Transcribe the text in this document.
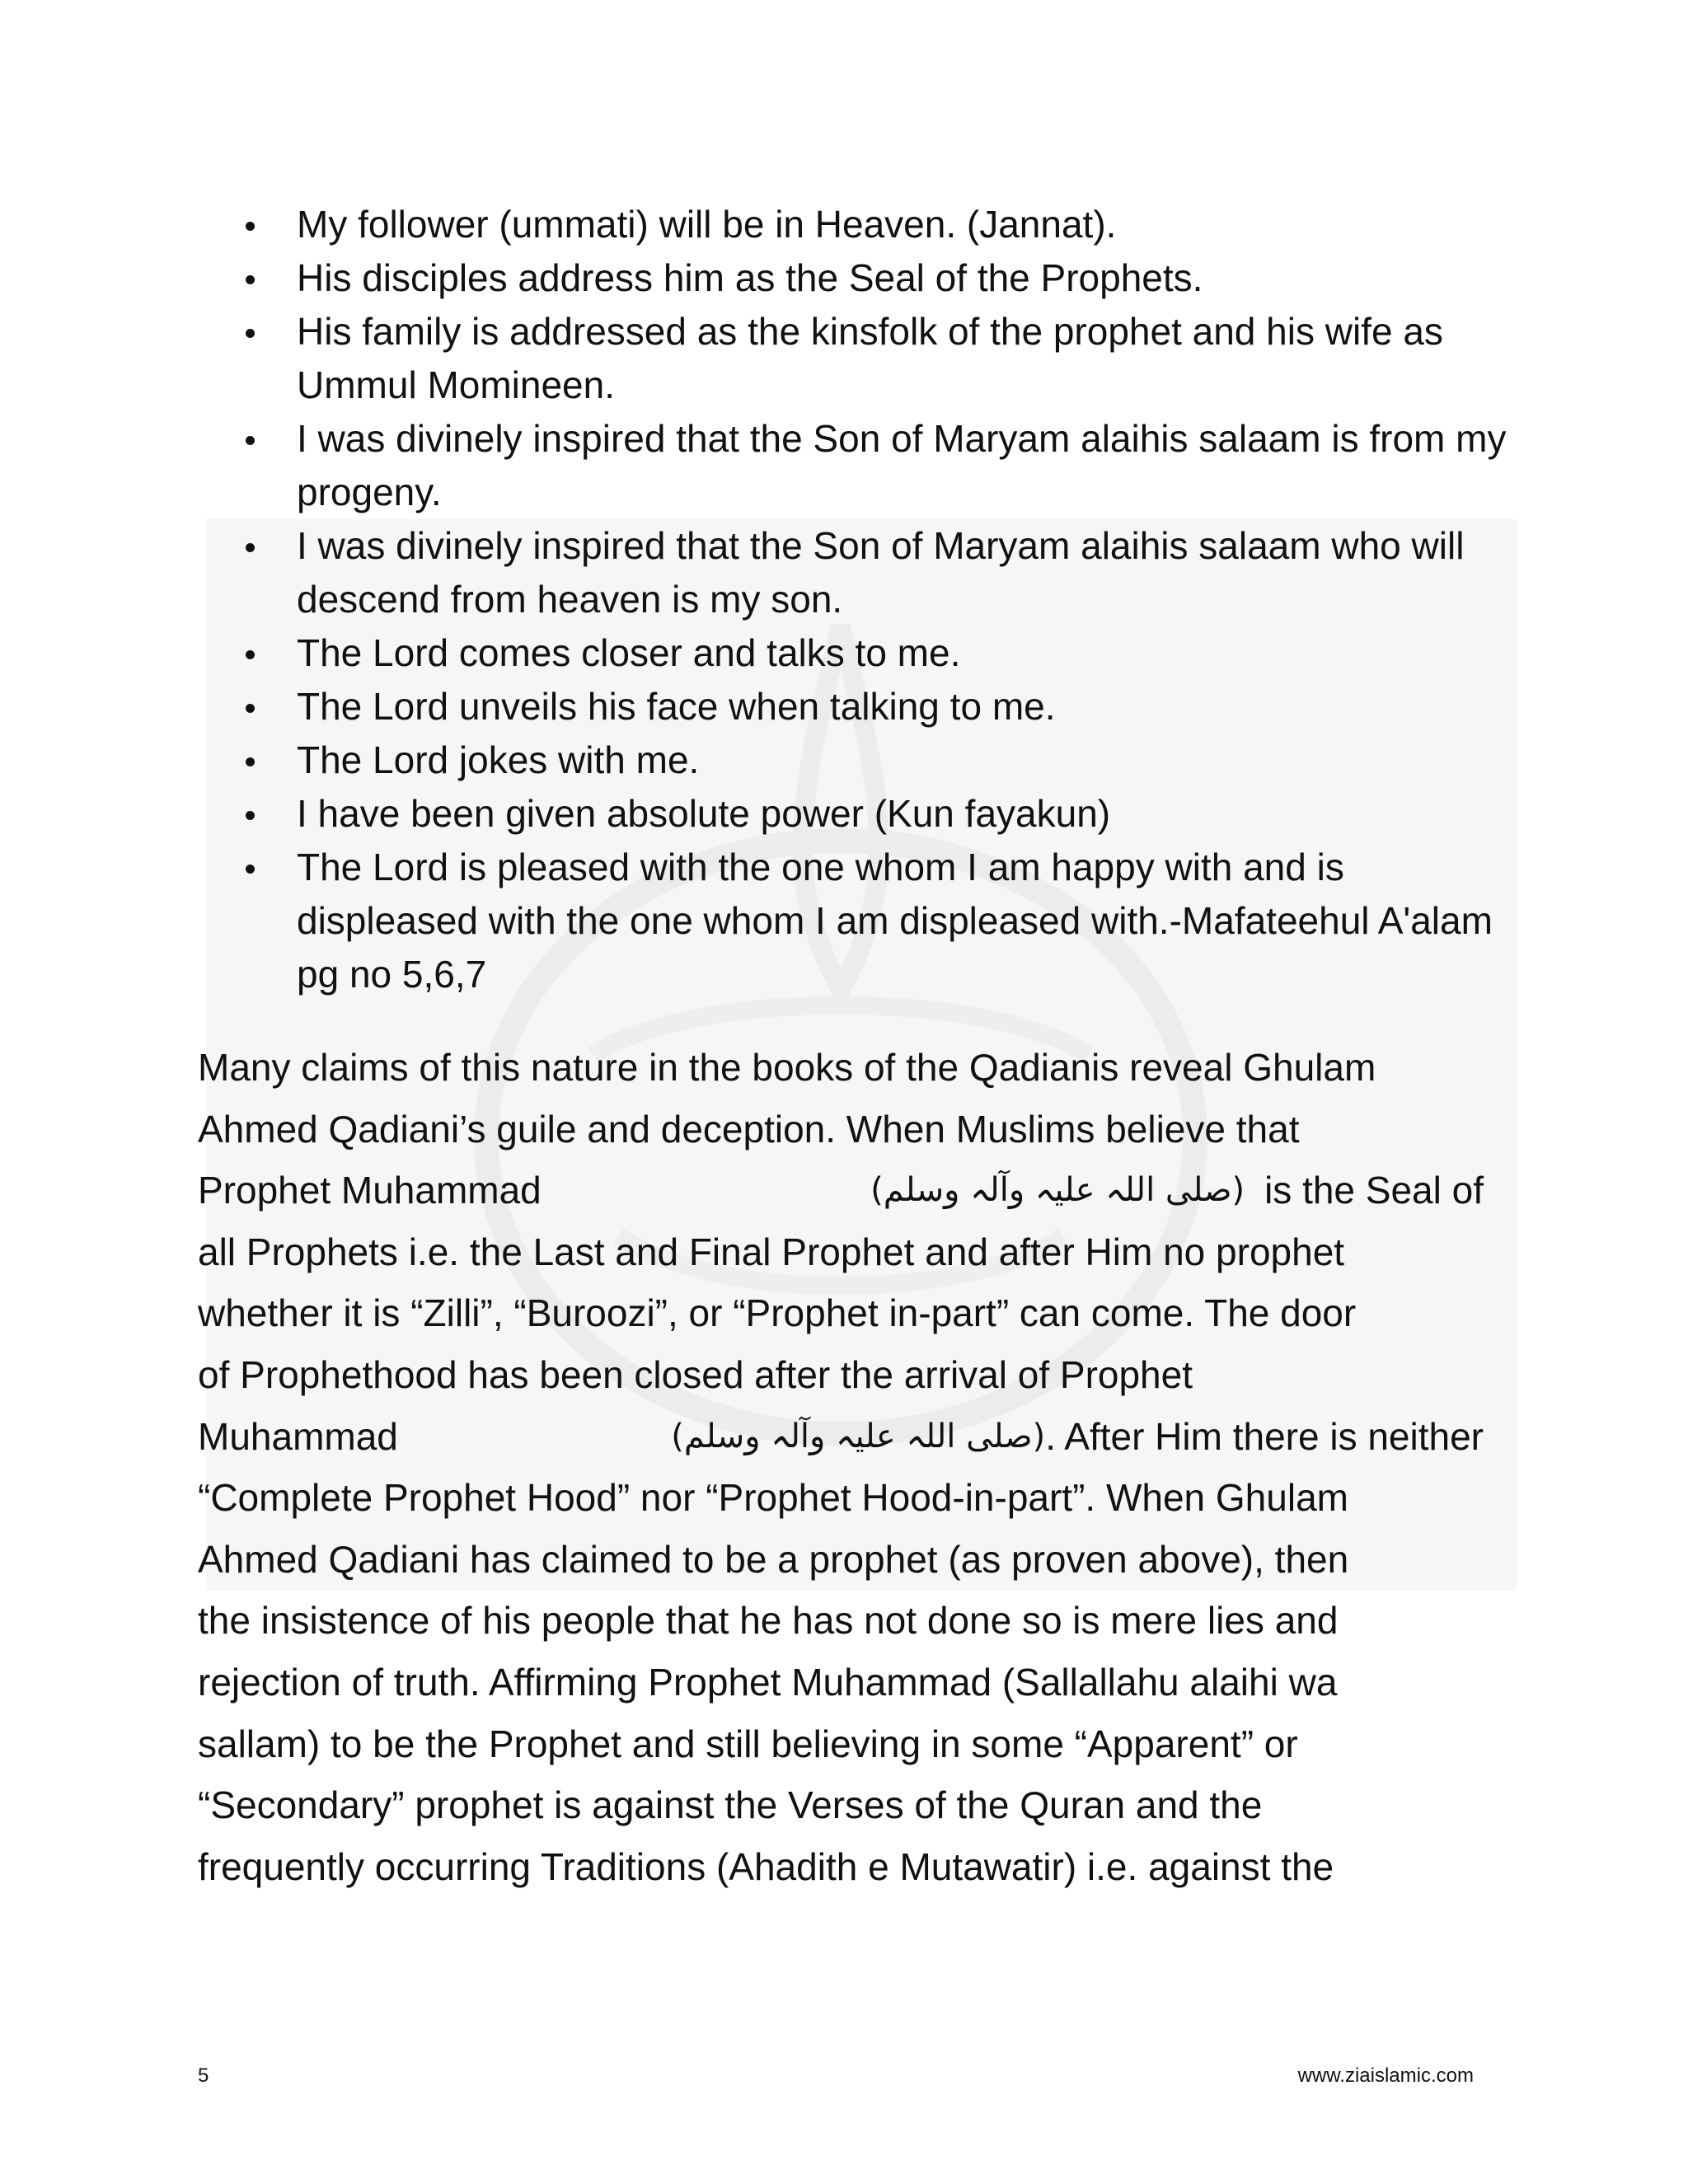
My follower (ummati) will be in Heaven. (Jannat).
His disciples address him as the Seal of the Prophets.
His family is addressed as the kinsfolk of the prophet and his wife as Ummul Momineen.
I was divinely inspired that the Son of Maryam alaihis salaam is from my progeny.
I was divinely inspired that the Son of Maryam alaihis salaam who will descend from heaven is my son.
The Lord comes closer and talks to me.
The Lord unveils his face when talking to me.
The Lord jokes with me.
I have been given absolute power (Kun fayakun)
The Lord is pleased with the one whom I am happy with and is displeased with the one whom I am displeased with.-Mafateehul A'alam pg no 5,6,7
Many claims of this nature in the books of the Qadianis reveal Ghulam
Ahmed Qadiani’s guile and deception. When Muslims believe that
Prophet Muhammad	(صلی اللہ علیہ وآلہ وسلم) is the Seal of
all Prophets i.e. the Last and Final Prophet and after Him no prophet
whether it is “Zilli”, “Buroozi”, or “Prophet in-part” can come. The door
of Prophethood has been closed after the arrival of Prophet
Muhammad	(صلی اللہ علیہ وآلہ وسلم) . After Him there is neither
“Complete Prophet Hood” nor “Prophet Hood-in-part”. When Ghulam
Ahmed Qadiani has claimed to be a prophet (as proven above), then
the insistence of his people that he has not done so is mere lies and
rejection of truth. Affirming Prophet Muhammad (Sallallahu alaihi wa
sallam) to be the Prophet and still believing in some “Apparent” or
“Secondary” prophet is against the Verses of the Quran and the
frequently occurring Traditions (Ahadith e Mutawatir) i.e. against the
5	www.ziaislamic.com
